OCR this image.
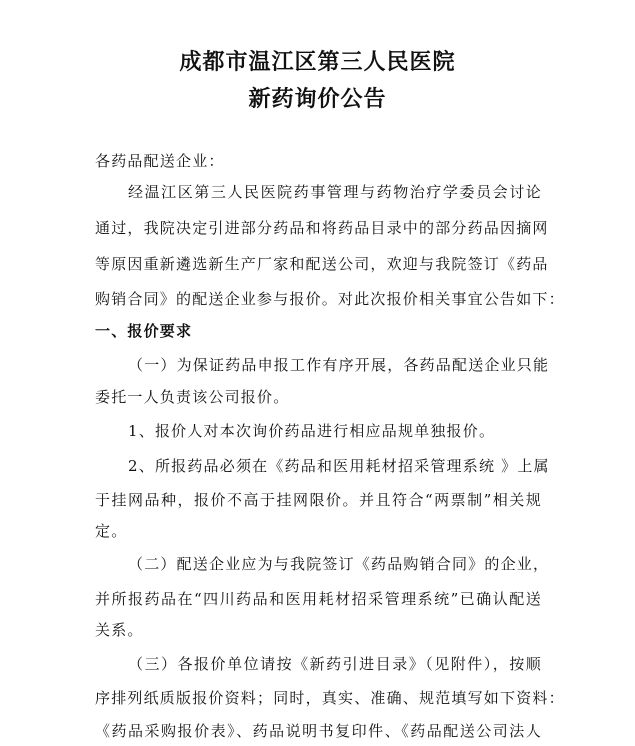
成都市温江区第三人民医院
新药询价公告
各药品配送企业：
经温江区第三人民医院药事管理与药物治疗学委员会讨论
通过，我院决定引进部分药品和将药品目录中的部分药品因摘网
等原因重新遴选新生产厂家和配送公司，欢迎与我院签订《药品
购销合同》的配送企业参与报价。对此次报价相关事宜公告如下：
一、报价要求
（一）为保证药品申报工作有序开展，各药品配送企业只能
委托一人负责该公司报价。
1、报价人对本次询价药品进行相应品规单独报价。
2、所报药品必须在《药品和医用耗材招采管理系统 》上属
于挂网品种，报价不高于挂网限价。并且符合“两票制”相关规
定。
（二）配送企业应为与我院签订《药品购销合同》的企业，
并所报药品在“四川药品和医用耗材招采管理系统”已确认配送
关系。
（三）各报价单位请按《新药引进目录》（见附件），按顺
序排列纸质版报价资料；同时，真实、准确、规范填写如下资料：
《药品采购报价表》、药品说明书复印件、《药品配送公司法人
